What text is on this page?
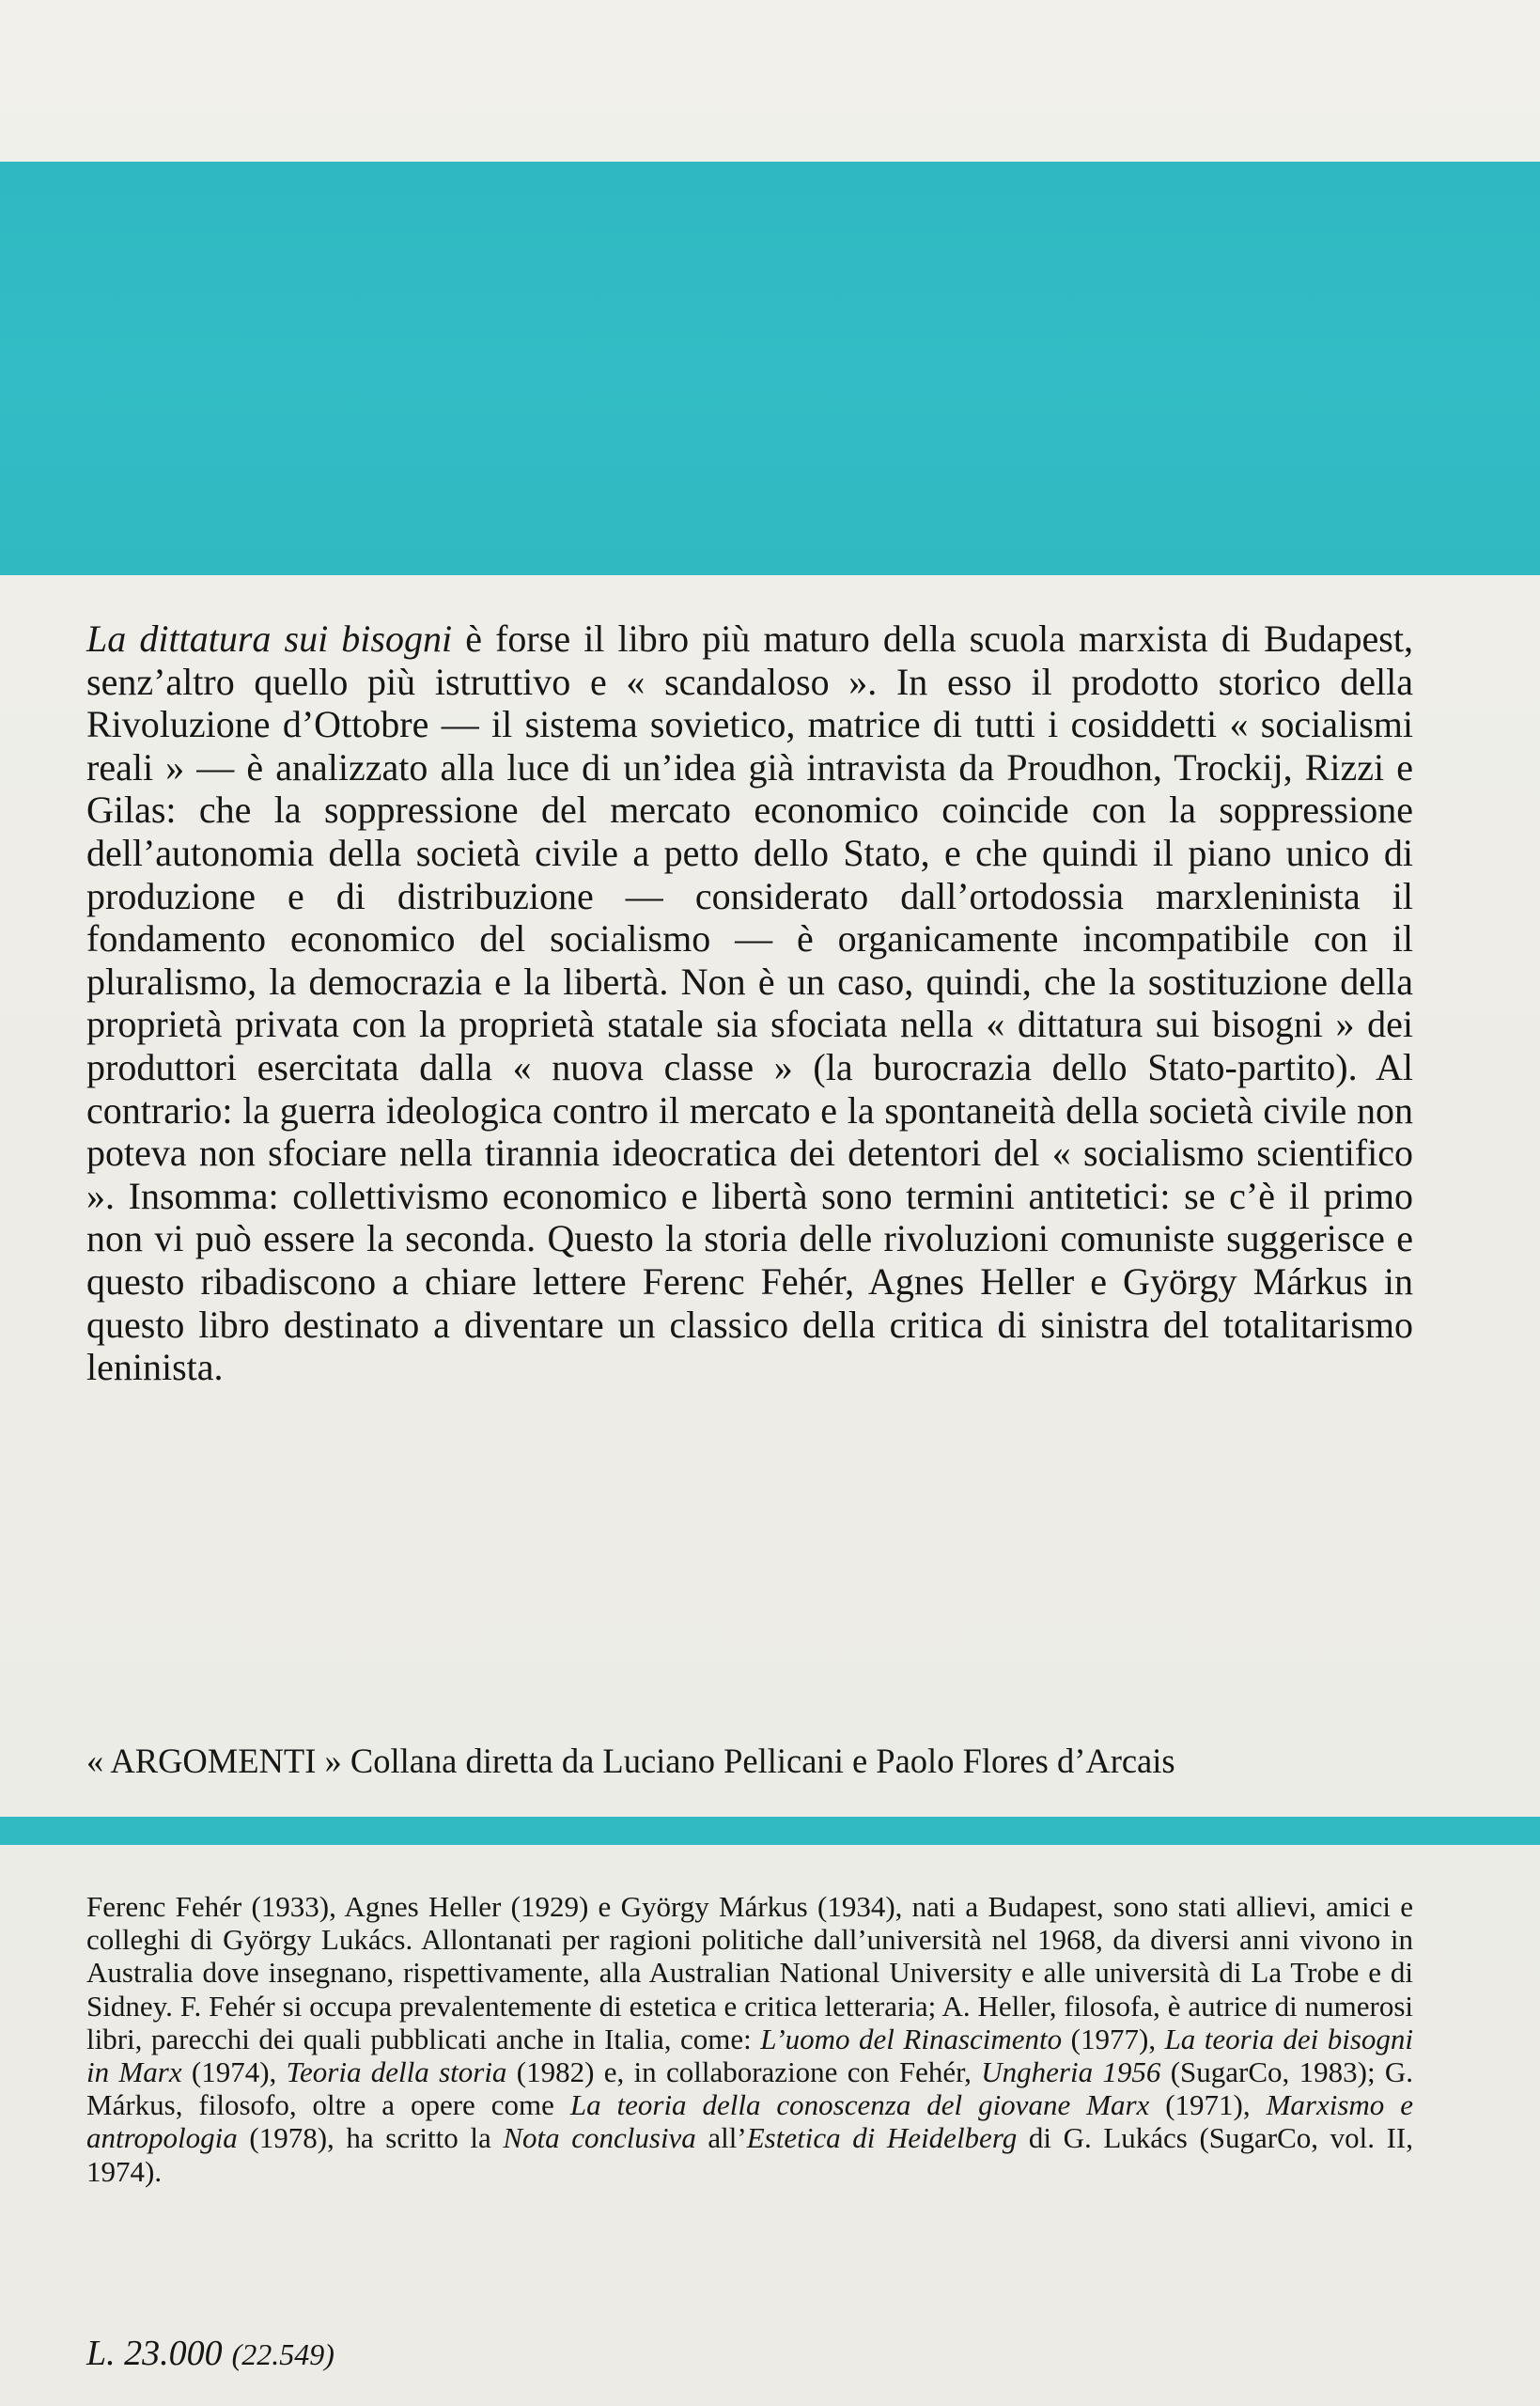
La dittatura sui bisogni è forse il libro più maturo della scuola marxista di Budapest, senz’altro quello più istruttivo e « scandaloso ». In esso il prodotto storico della Rivoluzione d’Ottobre — il sistema sovietico, matrice di tutti i cosiddetti « socialismi reali » — è analizzato alla luce di un’idea già intravista da Proudhon, Trockij, Rizzi e Gilas: che la soppressione del mercato economico coincide con la soppressione dell’autonomia della società civile a petto dello Stato, e che quindi il piano unico di produzione e di distribuzione — considerato dall’ortodossia marxleninista il fondamento economico del socialismo — è organicamente incompatibile con il pluralismo, la democrazia e la libertà. Non è un caso, quindi, che la sostituzione della proprietà privata con la proprietà statale sia sfociata nella « dittatura sui bisogni » dei produttori esercitata dalla « nuova classe » (la burocrazia dello Stato-partito). Al contrario: la guerra ideologica contro il mercato e la spontaneità della società civile non poteva non sfociare nella tirannia ideocratica dei detentori del « socialismo scientifico ». Insomma: collettivismo economico e libertà sono termini antitetici: se c’è il primo non vi può essere la seconda. Questo la storia delle rivoluzioni comuniste suggerisce e questo ribadiscono a chiare lettere Ferenc Fehér, Agnes Heller e György Márkus in questo libro destinato a diventare un classico della critica di sinistra del totalitarismo leninista.

« ARGOMENTI » Collana diretta da Luciano Pellicani e Paolo Flores d’Arcais

Ferenc Fehér (1933), Agnes Heller (1929) e György Márkus (1934), nati a Budapest, sono stati allievi, amici e colleghi di György Lukács. Allontanati per ragioni politiche dall’università nel 1968, da diversi anni vivono in Australia dove insegnano, rispettivamente, alla Australian National University e alle università di La Trobe e di Sidney. F. Fehér si occupa prevalentemente di estetica e critica letteraria; A. Heller, filosofa, è autrice di numerosi libri, parecchi dei quali pubblicati anche in Italia, come: L’uomo del Rinascimento (1977), La teoria dei bisogni in Marx (1974), Teoria della storia (1982) e, in collaborazione con Fehér, Ungheria 1956 (SugarCo, 1983); G. Márkus, filosofo, oltre a opere come La teoria della conoscenza del giovane Marx (1971), Marxismo e antropologia (1978), ha scritto la Nota conclusiva all’Estetica di Heidelberg di G. Lukács (SugarCo, vol. II, 1974).

L. 23.000 (22.549)
